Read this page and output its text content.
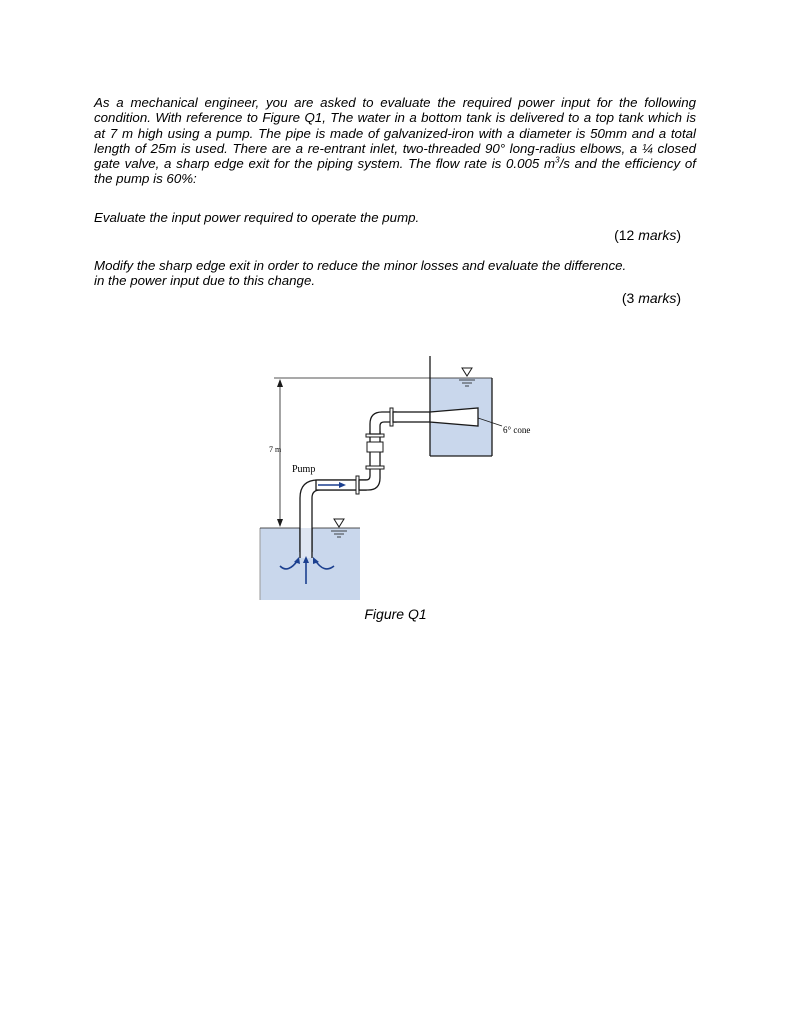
As a mechanical engineer, you are asked to evaluate the required power input for the following condition. With reference to Figure Q1, The water in a bottom tank is delivered to a top tank which is at 7 m high using a pump. The pipe is made of galvanized-iron with a diameter is 50mm and a total length of 25m is used. There are a re-entrant inlet, two-threaded 90° long-radius elbows, a ¼ closed gate valve, a sharp edge exit for the piping system. The flow rate is 0.005 $m^3/s$ and the efficiency of the pump is 60%:
Evaluate the input power required to operate the pump.
(12 marks)
Modify the sharp edge exit in order to reduce the minor losses and evaluate the difference.
in the power input due to this change.
(3 marks)
7 m
Pump
6° cone
Figure Q1
